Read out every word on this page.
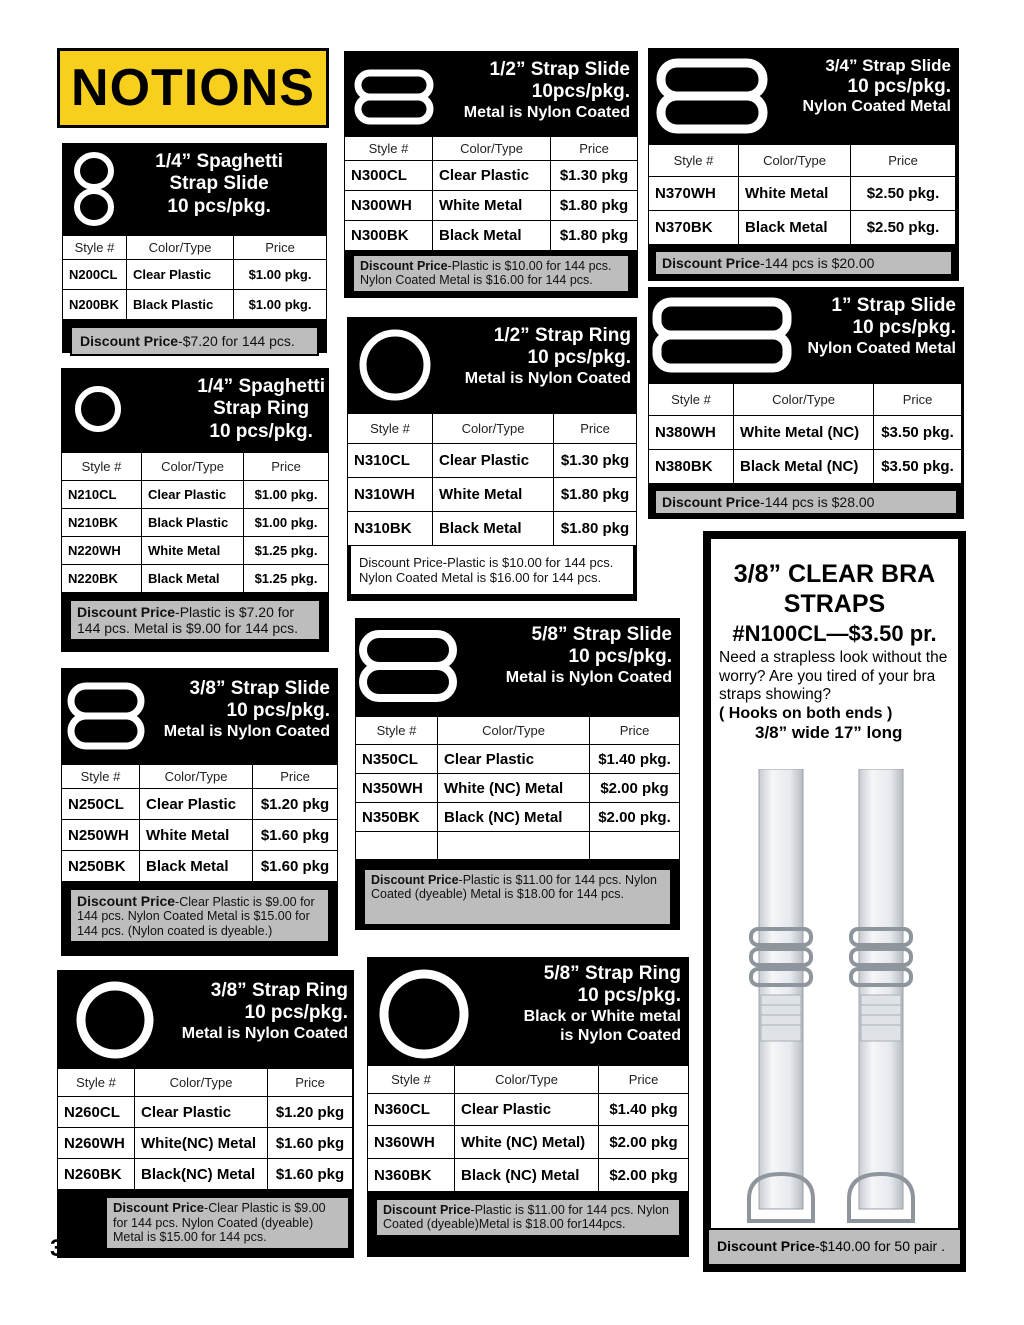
NOTIONS
1/4” Spaghetti
Strap Slide
10 pcs/pkg.
Style #	Color/Type	Price
N200CL	Clear Plastic	$1.00 pkg.
N200BK	Black Plastic	$1.00 pkg.
Discount Price-$7.20 for 144 pcs.
1/4” Spaghetti
Strap Ring
10 pcs/pkg.
Style #	Color/Type	Price
N210CL	Clear Plastic	$1.00 pkg.
N210BK	Black Plastic	$1.00 pkg.
N220WH	White Metal	$1.25 pkg.
N220BK	Black Metal	$1.25 pkg.
Discount Price-Plastic is $7.20 for 144 pcs. Metal is $9.00 for 144 pcs.
3/8” Strap Slide
10 pcs/pkg.
Metal is Nylon Coated
Style #	Color/Type	Price
N250CL	Clear Plastic	$1.20 pkg
N250WH	White Metal	$1.60 pkg
N250BK	Black Metal	$1.60 pkg
Discount Price-Clear Plastic is $9.00 for 144 pcs. Nylon Coated Metal is $15.00 for 144 pcs. (Nylon coated is dyeable.)
3/8” Strap Ring
10 pcs/pkg.
Metal is Nylon Coated
Style #	Color/Type	Price
N260CL	Clear Plastic	$1.20 pkg
N260WH	White(NC) Metal	$1.60 pkg
N260BK	Black(NC) Metal	$1.60 pkg
Discount Price-Clear Plastic is $9.00 for 144 pcs. Nylon Coated (dyeable) Metal is $15.00 for 144 pcs.
1/2” Strap Slide
10pcs/pkg.
Metal is Nylon Coated
Style #	Color/Type	Price
N300CL	Clear Plastic	$1.30 pkg
N300WH	White Metal	$1.80 pkg
N300BK	Black Metal	$1.80 pkg
Discount Price-Plastic is $10.00 for 144 pcs. Nylon Coated Metal is $16.00 for 144 pcs.
1/2” Strap Ring
10 pcs/pkg.
Metal is Nylon Coated
Style #	Color/Type	Price
N310CL	Clear Plastic	$1.30 pkg
N310WH	White Metal	$1.80 pkg
N310BK	Black Metal	$1.80 pkg
Discount Price-Plastic is $10.00 for 144 pcs. Nylon Coated Metal is $16.00 for 144 pcs.
5/8” Strap Slide
10 pcs/pkg.
Metal is Nylon Coated
Style #	Color/Type	Price
N350CL	Clear Plastic	$1.40 pkg.
N350WH	White (NC) Metal	$2.00 pkg
N350BK	Black (NC) Metal	$2.00 pkg.

Discount Price-Plastic is $11.00 for 144 pcs. Nylon Coated (dyeable) Metal is $18.00 for 144 pcs.
5/8” Strap Ring
10 pcs/pkg.
Black or White metal
is Nylon Coated
Style #	Color/Type	Price
N360CL	Clear Plastic	$1.40 pkg
N360WH	White (NC) Metal)	$2.00 pkg
N360BK	Black (NC) Metal	$2.00 pkg
Discount Price-Plastic is $11.00 for 144 pcs. Nylon Coated (dyeable)Metal is $18.00 for144pcs.
3/4” Strap Slide
10 pcs/pkg.
Nylon Coated Metal
Style #	Color/Type	Price
N370WH	White Metal	$2.50 pkg.
N370BK	Black Metal	$2.50 pkg.
Discount Price-144 pcs is $20.00
1” Strap Slide
10 pcs/pkg.
Nylon Coated Metal
Style #	Color/Type	Price
N380WH	White Metal (NC)	$3.50 pkg.
N380BK	Black Metal (NC)	$3.50 pkg.
Discount Price-144 pcs is $28.00
3/8” CLEAR BRA
STRAPS
#N100CL—$3.50 pr.
Need a strapless look without the worry? Are you tired of your bra straps showing?
( Hooks on both ends )
3/8” wide 17” long
Discount Price-$140.00 for 50 pair .
38
